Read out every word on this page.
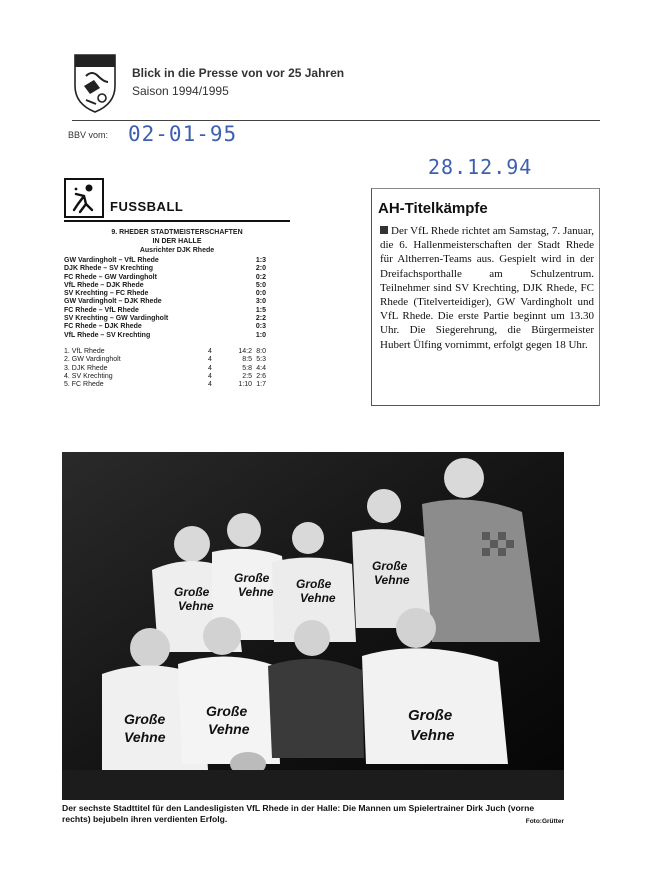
Blick in die Presse von vor 25 Jahren
Saison 1994/1995
BBV vom: 02-01-95
28.12.94
FUSSBALL
9. RHEDER STADTMEISTERSCHAFTEN
IN DER HALLE
Ausrichter DJK Rhede
GW Vardingholt – VfL Rhede	1:3
DJK Rhede – SV Krechting	2:0
FC Rhede – GW Vardingholt	0:2
VfL Rhede – DJK Rhede	5:0
SV Krechting – FC Rhede	0:0
GW Vardingholt – DJK Rhede	3:0
FC Rhede – VfL Rhede	1:5
SV Krechting – GW Vardingholt	2:2
FC Rhede – DJK Rhede	0:3
VfL Rhede – SV Krechting	1:0
1. VfL Rhede	4	14:2 8:0
2. GW Vardingholt	4	8:5 5:3
3. DJK Rhede	4	5:8 4:4
4. SV Krechting	4	2:5 2:6
5. FC Rhede	4	1:10 1:7
AH-Titelkämpfe
Der VfL Rhede richtet am Samstag, 7. Januar, die 6. Hallenmeisterschaften der Stadt Rhede für Altherren-Teams aus. Gespielt wird in der Dreifachsporthalle am Schulzentrum. Teilnehmer sind SV Krechting, DJK Rhede, FC Rhede (Titelverteidiger), GW Vardingholt und VfL Rhede. Die erste Partie beginnt um 13.30 Uhr. Die Siegerehrung, die Bürgermeister Hubert Ülfing vornimmt, erfolgt gegen 18 Uhr.
Große
Vehne
Große
Vehne
Große
Vehne
Große
Vehne
Große
Vehne
Große
Vehne
Große
Vehne
Der sechste Stadttitel für den Landesligisten VfL Rhede in der Halle: Die Mannen um Spielertrainer Dirk Juch (vorne rechts) bejubeln ihren verdienten Erfolg.	Foto:Grütter
